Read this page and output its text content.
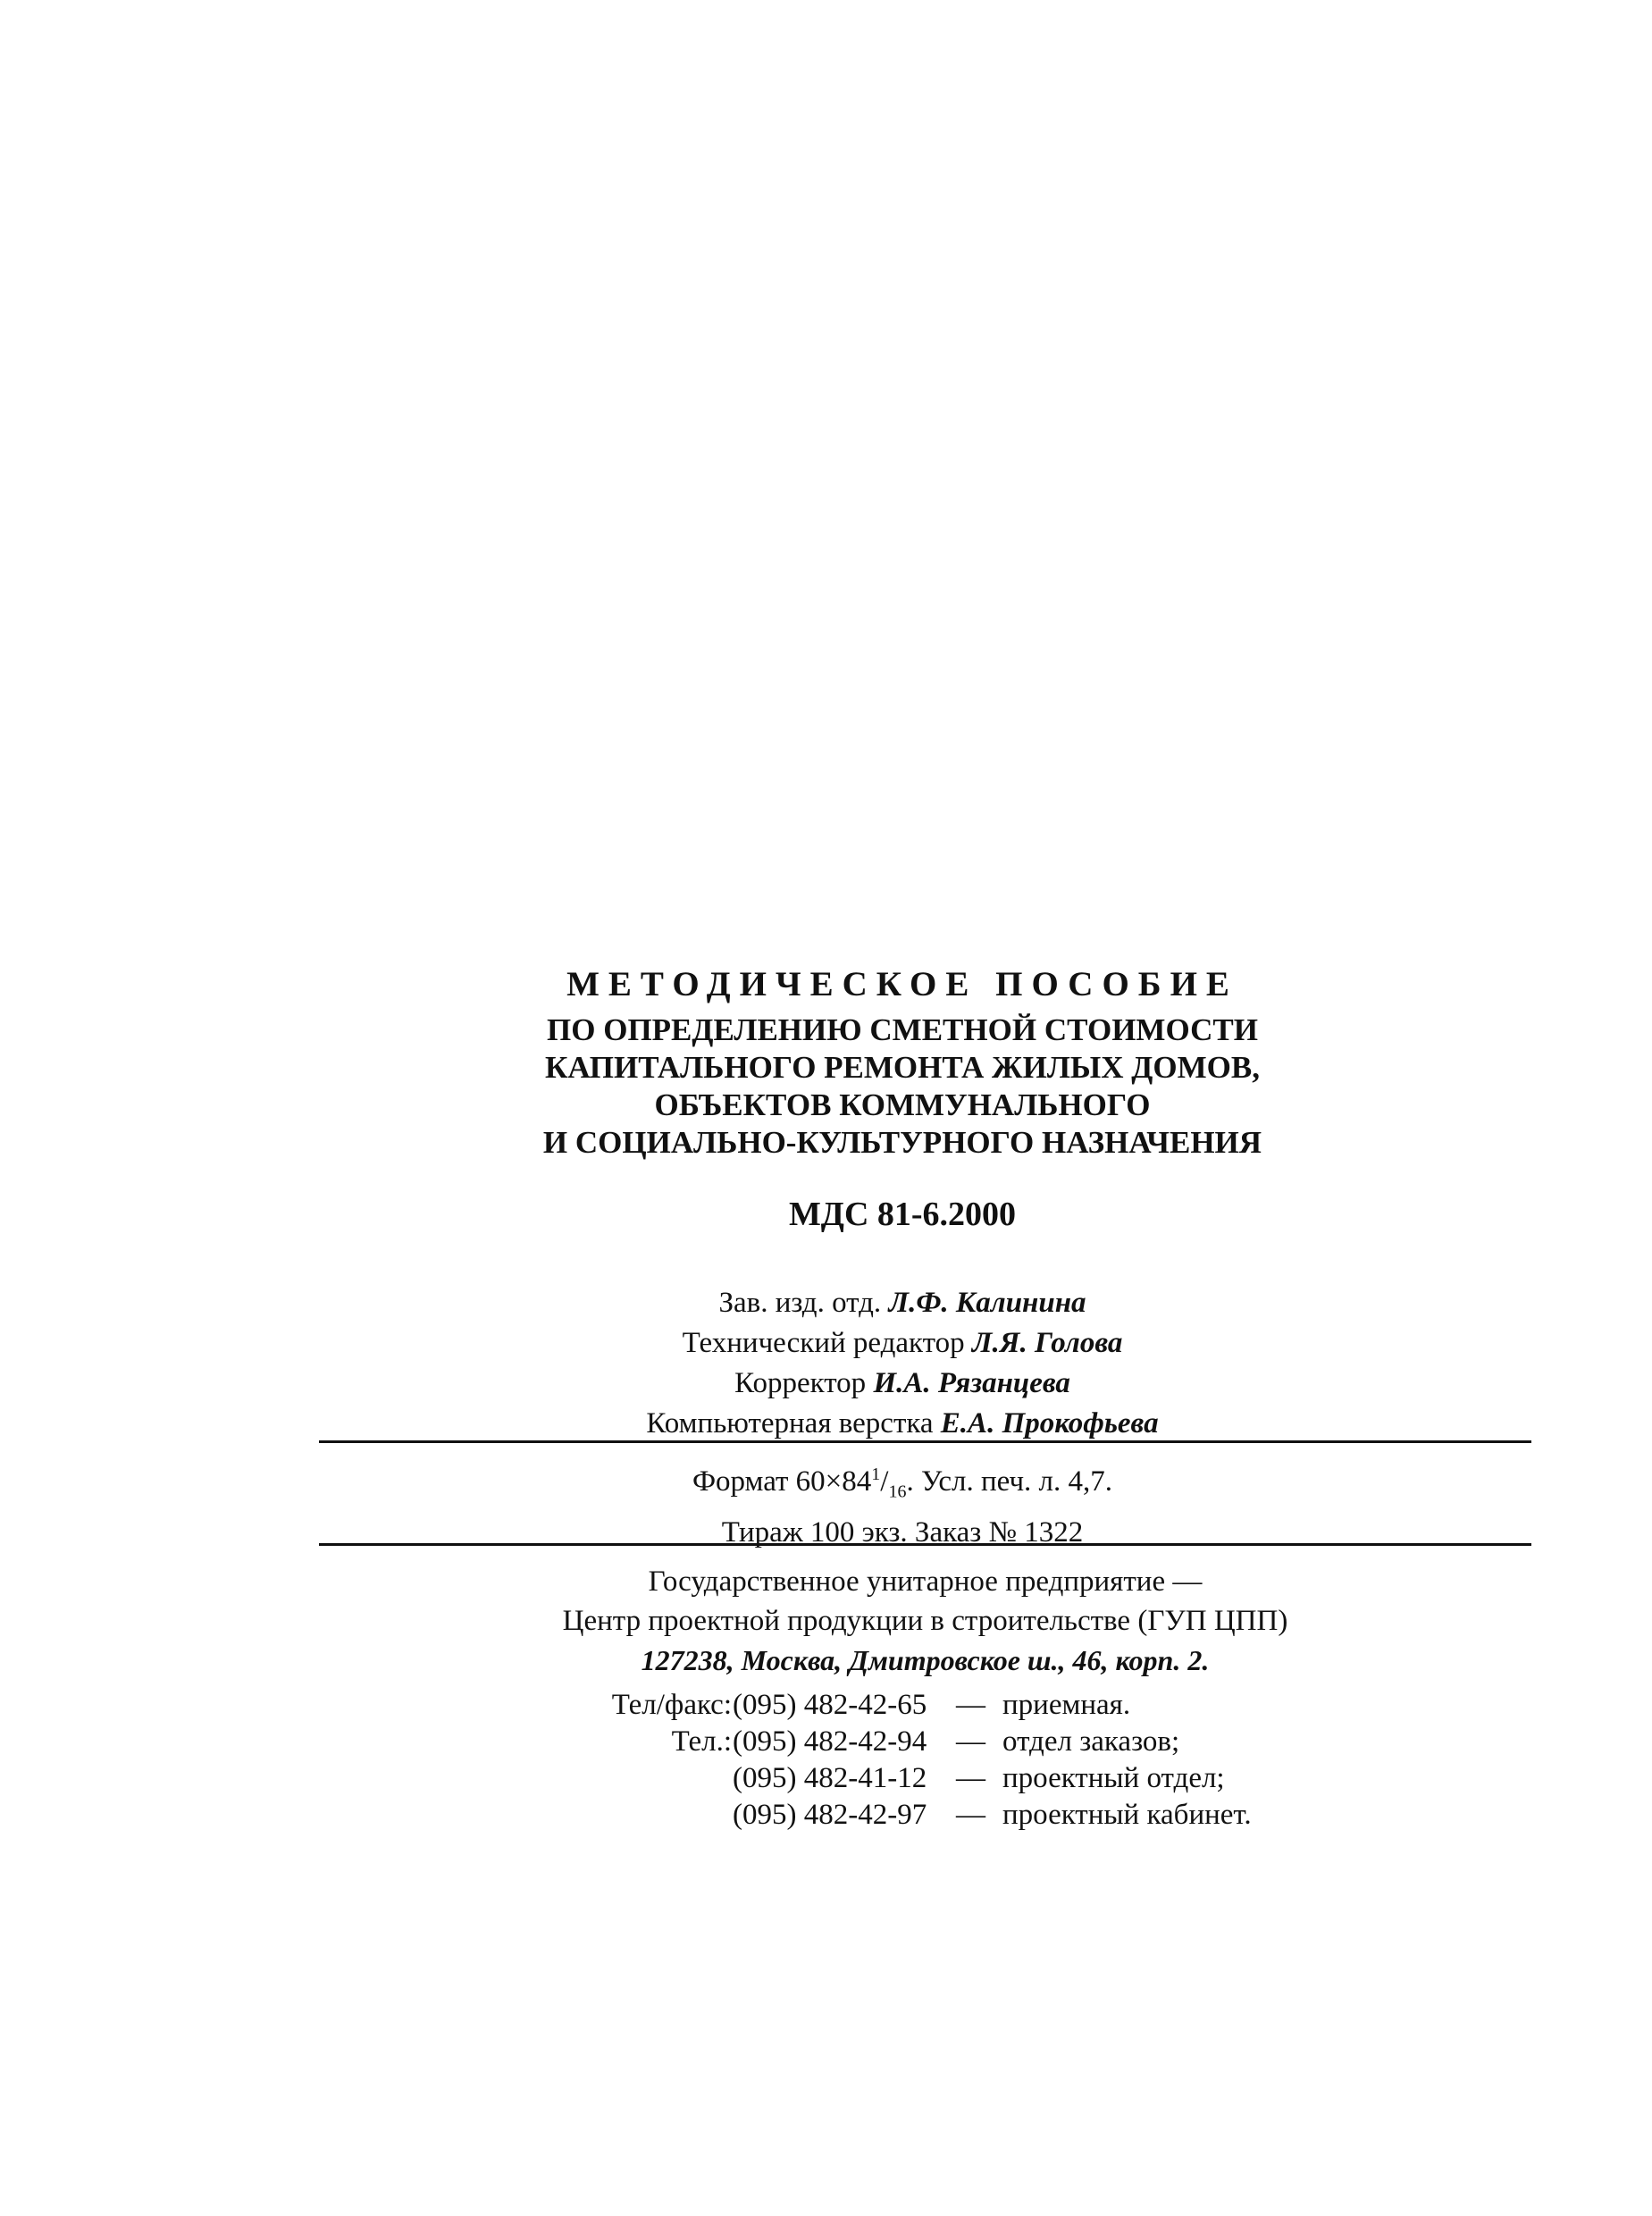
МЕТОДИЧЕСКОЕ ПОСОБИЕ
ПО ОПРЕДЕЛЕНИЮ СМЕТНОЙ СТОИМОСТИ
КАПИТАЛЬНОГО РЕМОНТА ЖИЛЫХ ДОМОВ,
ОБЪЕКТОВ КОММУНАЛЬНОГО
И СОЦИАЛЬНО-КУЛЬТУРНОГО НАЗНАЧЕНИЯ
МДС 81-6.2000
Зав. изд. отд. Л.Ф. Калинина
Технический редактор Л.Я. Голова
Корректор И.А. Рязанцева
Компьютерная верстка Е.А. Прокофьева
Формат $60\times 84^1/_{16}$. Усл. печ. л. 4,7.
Тираж 100 экз. Заказ № 1322
Государственное унитарное предприятие —
Центр проектной продукции в строительстве (ГУП ЦПП)
127238, Москва, Дмитровское ш., 46, корп. 2.
Тел/факс: (095) 482-42-65 — приемная.
Тел.: (095) 482-42-94 — отдел заказов;
(095) 482-41-12 — проектный отдел;
(095) 482-42-97 — проектный кабинет.
